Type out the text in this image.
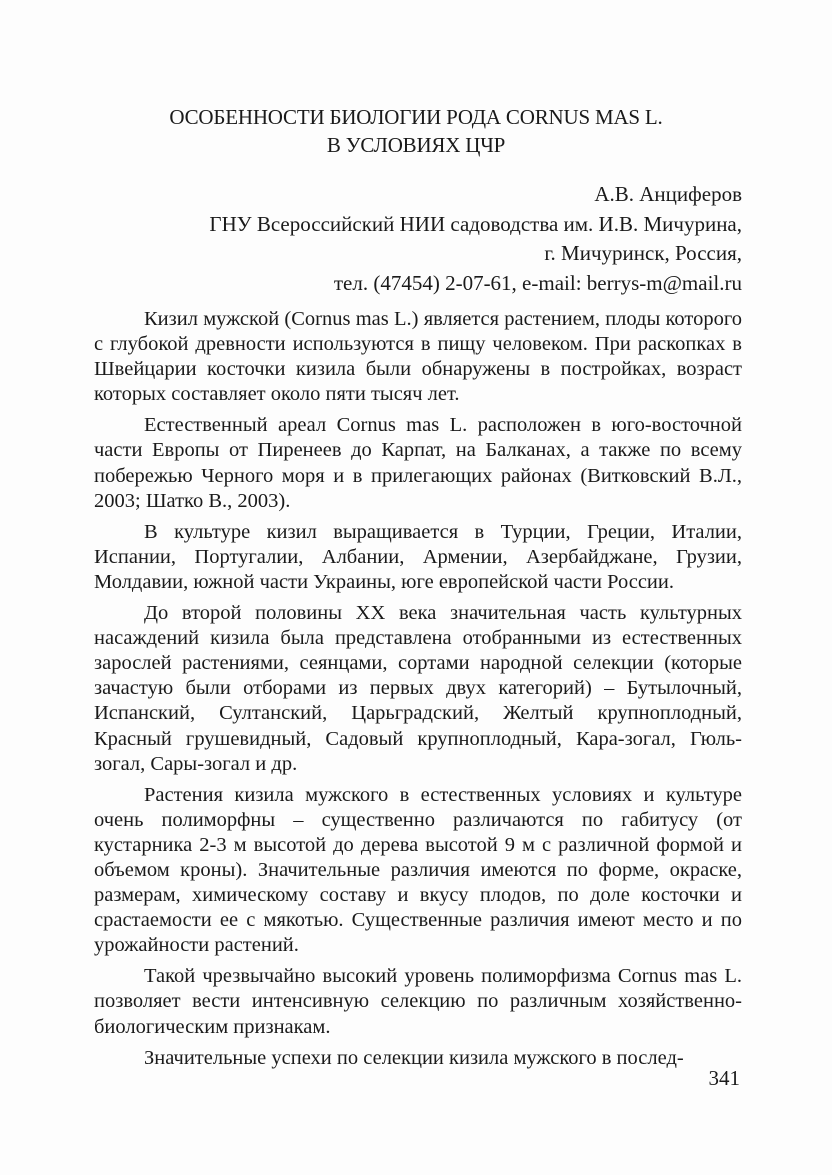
ОСОБЕННОСТИ БИОЛОГИИ РОДА CORNUS MAS L.
В УСЛОВИЯХ ЦЧР
А.В. Анциферов
ГНУ Всероссийский НИИ садоводства им. И.В. Мичурина,
г. Мичуринск, Россия,
тел. (47454) 2-07-61, e-mail: berrys-m@mail.ru

Кизил мужской (Cornus mas L.) является растением, плоды которого с глубокой древности используются в пищу человеком. При раскопках в Швейцарии косточки кизила были обнаружены в постройках, возраст которых составляет около пяти тысяч лет.

Естественный ареал Cornus mas L. расположен в юго-восточной части Европы от Пиренеев до Карпат, на Балканах, а также по всему побережью Черного моря и в прилегающих районах (Витковский В.Л., 2003; Шатко В., 2003).

В культуре кизил выращивается в Турции, Греции, Италии, Испании, Португалии, Албании, Армении, Азербайджане, Грузии, Молдавии, южной части Украины, юге европейской части России.

До второй половины XX века значительная часть культурных насаждений кизила была представлена отобранными из естественных зарослей растениями, сеянцами, сортами народной селекции (которые зачастую были отборами из первых двух категорий) – Бутылочный, Испанский, Султанский, Царьградский, Желтый крупноплодный, Красный грушевидный, Садовый крупноплодный, Кара-зогал, Гюль-зогал, Сары-зогал и др.

Растения кизила мужского в естественных условиях и культуре очень полиморфны – существенно различаются по габитусу (от кустарника 2-3 м высотой до дерева высотой 9 м с различной формой и объемом кроны). Значительные различия имеются по форме, окраске, размерам, химическому составу и вкусу плодов, по доле косточки и срастаемости ее с мякотью. Существенные различия имеют место и по урожайности растений.

Такой чрезвычайно высокий уровень полиморфизма Cornus mas L. позволяет вести интенсивную селекцию по различным хозяйственно-биологическим признакам.

Значительные успехи по селекции кизила мужского в послед-

341
